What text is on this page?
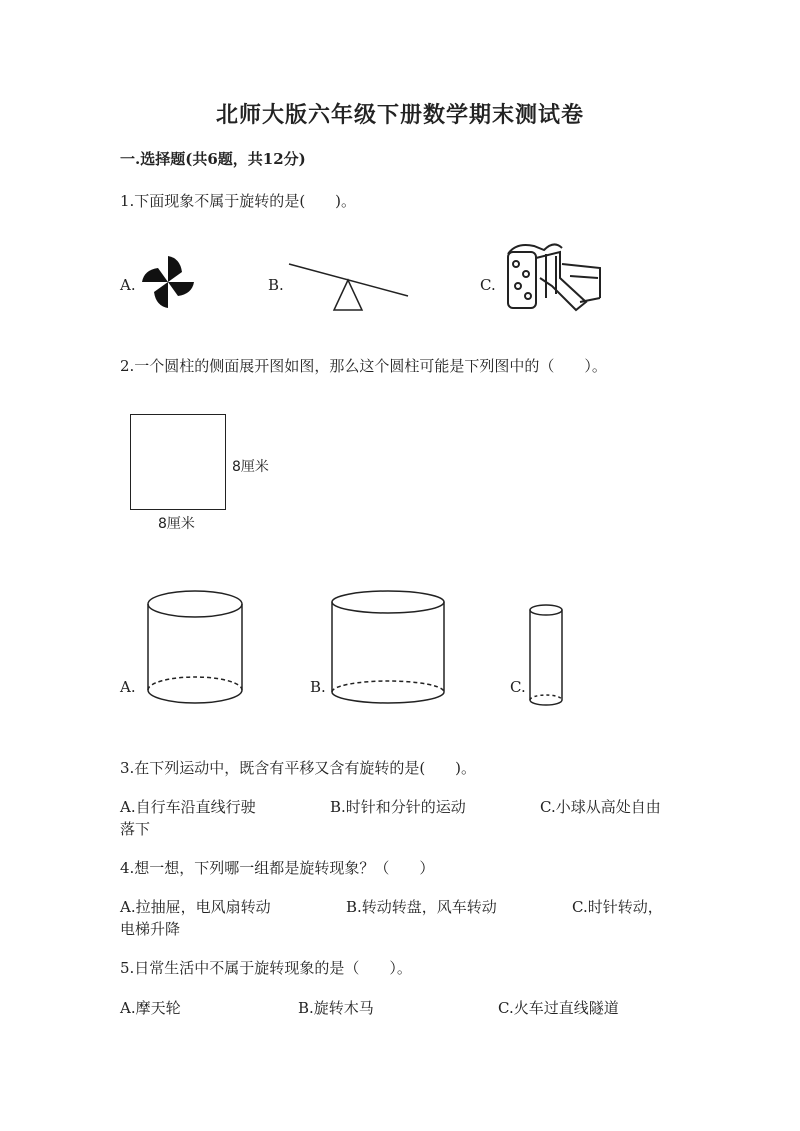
北师大版六年级下册数学期末测试卷
一.选择题(共6题，共12分)
1.下面现象不属于旋转的是(　　)。
A.	B.	C.
2.一个圆柱的侧面展开图如图，那么这个圆柱可能是下列图中的（　　）。
8厘米
8厘米
A.	B.	C.
3.在下列运动中，既含有平移又含有旋转的是(　　)。
A.自行车沿直线行驶	B.时针和分针的运动	C.小球从高处自由
落下
4.想一想，下列哪一组都是旋转现象？（　　）
A.拉抽屉，电风扇转动	B.转动转盘，风车转动	C.时针转动，
电梯升降
5.日常生活中不属于旋转现象的是（　　）。
A.摩天轮	B.旋转木马	C.火车过直线隧道
